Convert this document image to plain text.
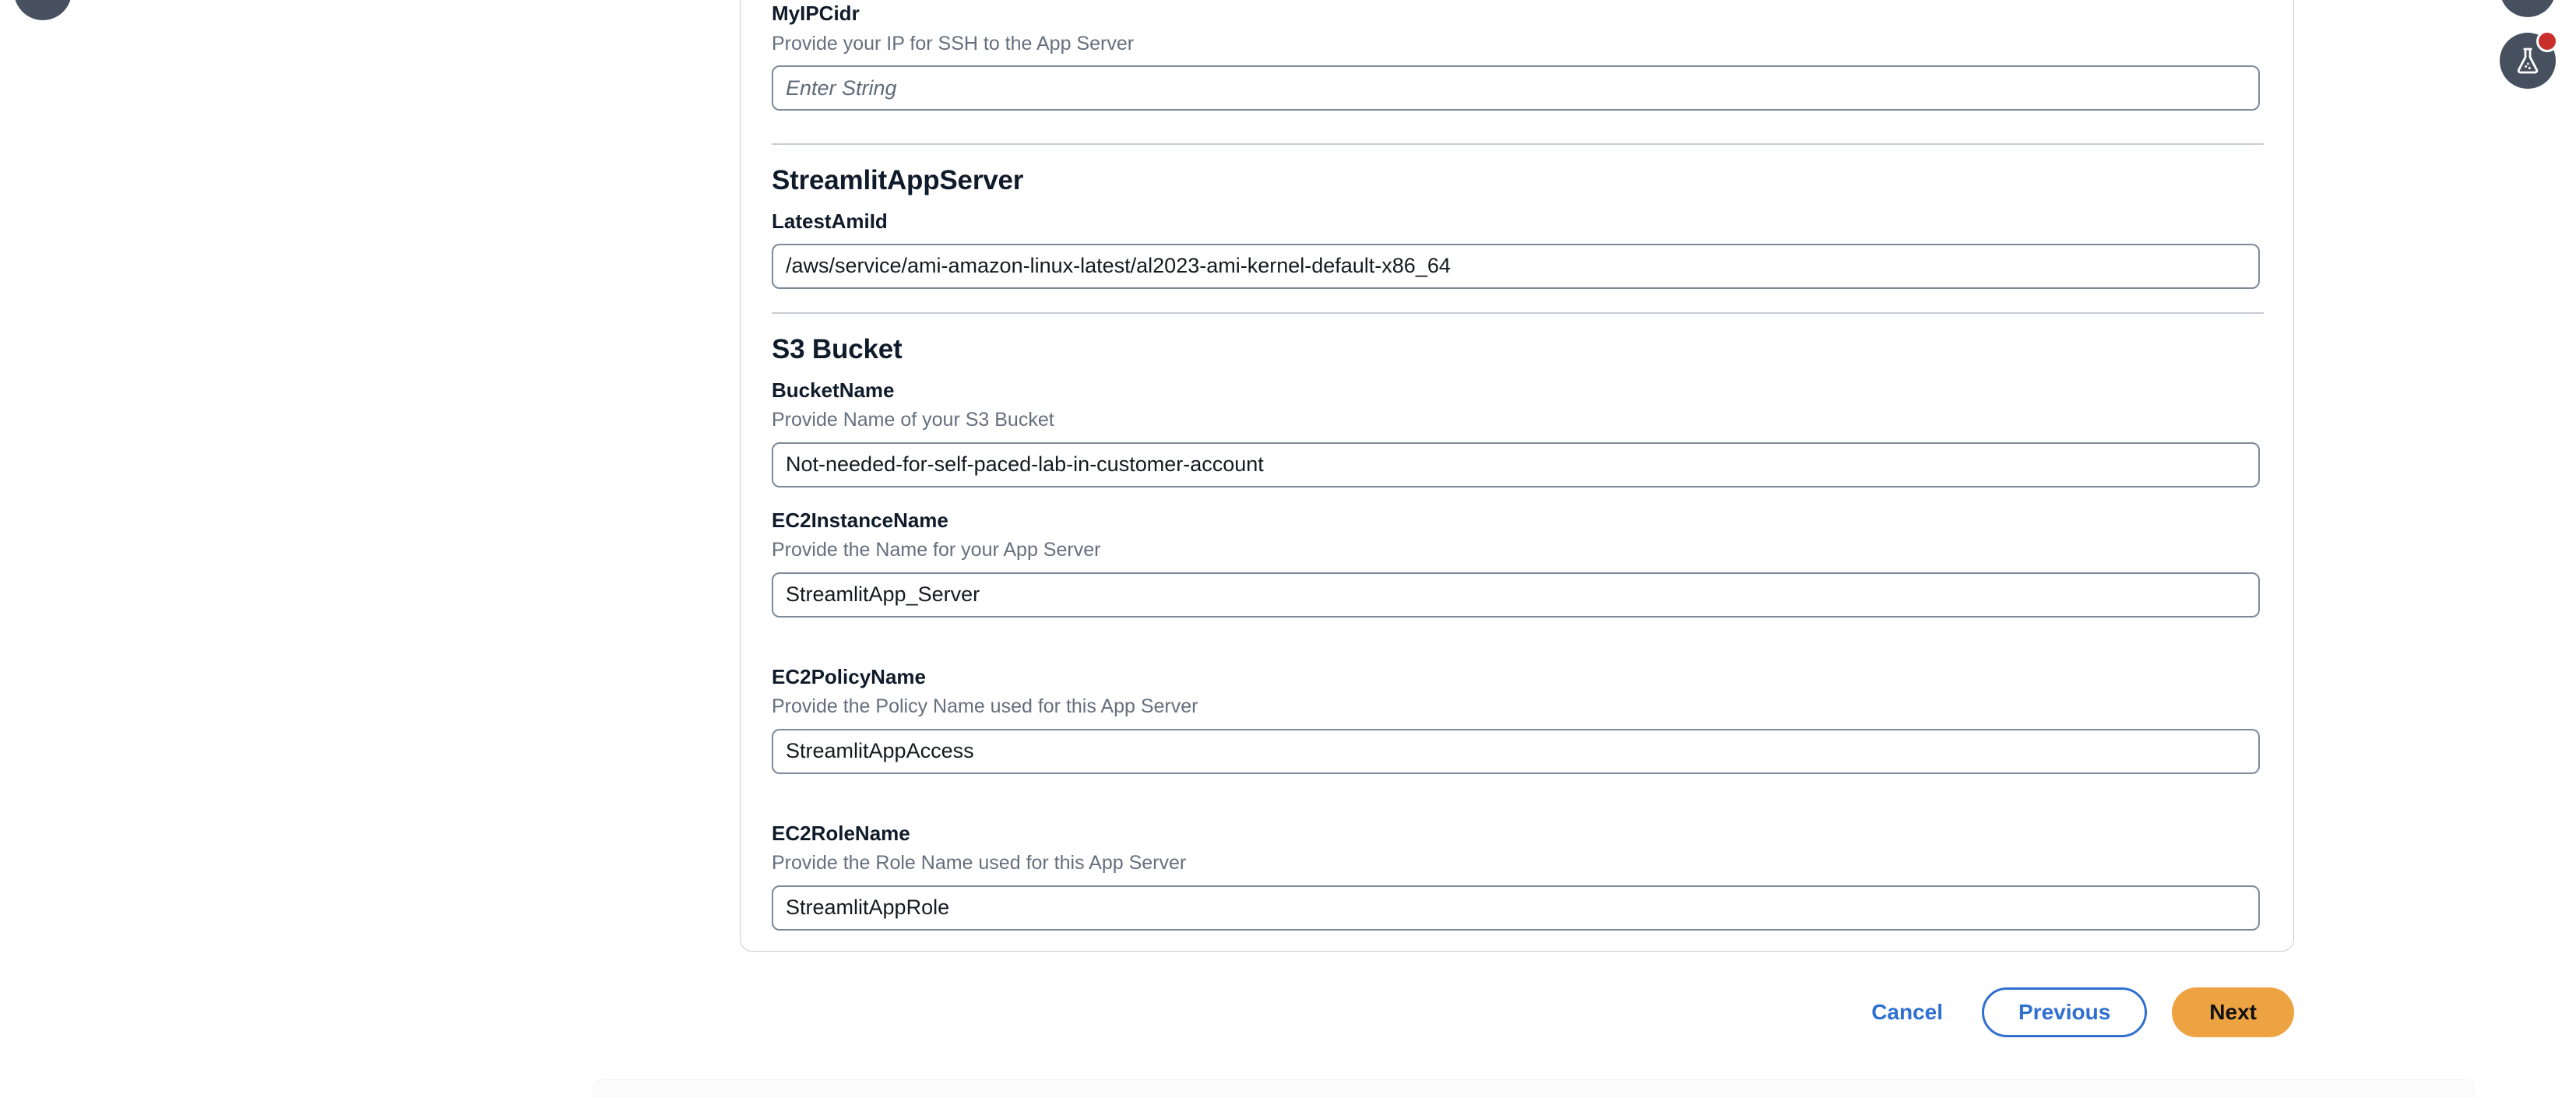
MyIPCidr
Provide your IP for SSH to the App Server
Enter String
StreamlitAppServer
LatestAmiId
/aws/service/ami-amazon-linux-latest/al2023-ami-kernel-default-x86_64
S3 Bucket
BucketName
Provide Name of your S3 Bucket
Not-needed-for-self-paced-lab-in-customer-account
EC2InstanceName
Provide the Name for your App Server
StreamlitApp_Server
EC2PolicyName
Provide the Policy Name used for this App Server
StreamlitAppAccess
EC2RoleName
Provide the Role Name used for this App Server
StreamlitAppRole
Cancel	Previous	Next
